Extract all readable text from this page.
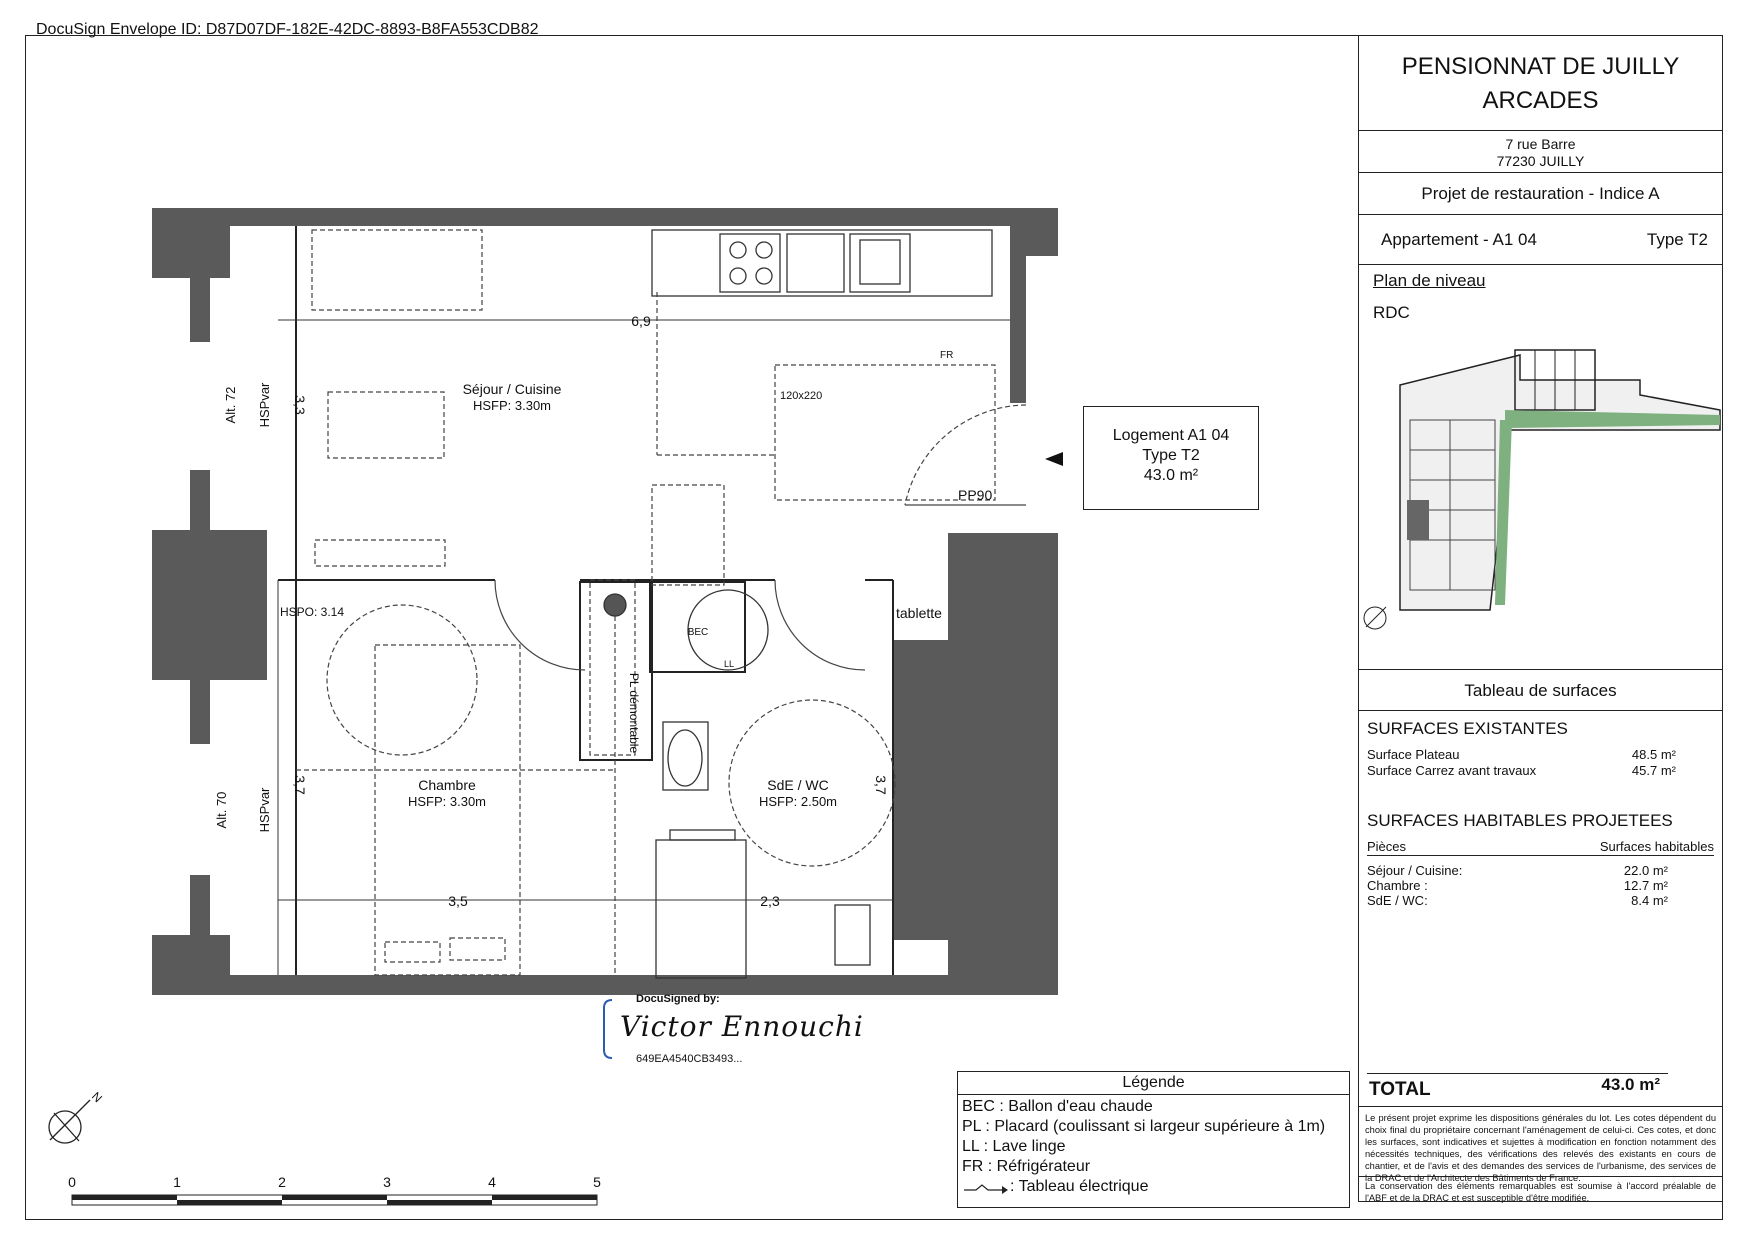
DocuSign Envelope ID: D87D07DF-182E-42DC-8893-B8FA553CDB82
Séjour / Cuisine
HSFP: 3.30m
Chambre
HSFP: 3.30m
SdE / WC
HSFP: 2.50m
6,9
3,3
3,7
3,5	2,3
3,7
Alt. 72 HSPvar
Alt. 70 HSPvar
HSPO: 3.14
120x220
PP90
FR
BEC
LL
PL démontable
tablette
N
0	1	2	3	4	5
Logement A1 04
Type T2
43.0 m²
DocuSigned by:
Victor Ennouchi
649EA4540CB3493...
Légende
BEC : Ballon d'eau chaude
PL : Placard (coulissant si largeur supérieure à 1m)
LL : Lave linge
FR : Réfrigérateur
: Tableau électrique
PENSIONNAT DE JUILLY
ARCADES
7 rue Barre
77230 JUILLY
Projet de restauration - Indice A
Appartement - A1 04	Type T2
Plan de niveau
RDC
Tableau de surfaces
SURFACES EXISTANTES
Surface Plateau	48.5 m²
Surface Carrez avant travaux	45.7 m²
SURFACES HABITABLES PROJETEES
Pièces	Surfaces habitables
Séjour / Cuisine:	22.0 m²
Chambre :	12.7 m²
SdE / WC:	8.4 m²
TOTAL	43.0 m²
Le présent projet exprime les dispositions générales du lot. Les cotes dépendent du choix final du propriétaire concernant l'aménagement de celui-ci. Ces cotes, et donc les surfaces, sont indicatives et sujettes à modification en fonction notamment des nécessités techniques, des vérifications des relevés des existants en cours de chantier, et de l'avis et des demandes des services de l'urbanisme, des services de la DRAC et de l'Architecte des Bâtiments de France.
La conservation des éléments remarquables est soumise à l'accord préalable de l'ABF et de la DRAC et est susceptible d'être modifiée.
